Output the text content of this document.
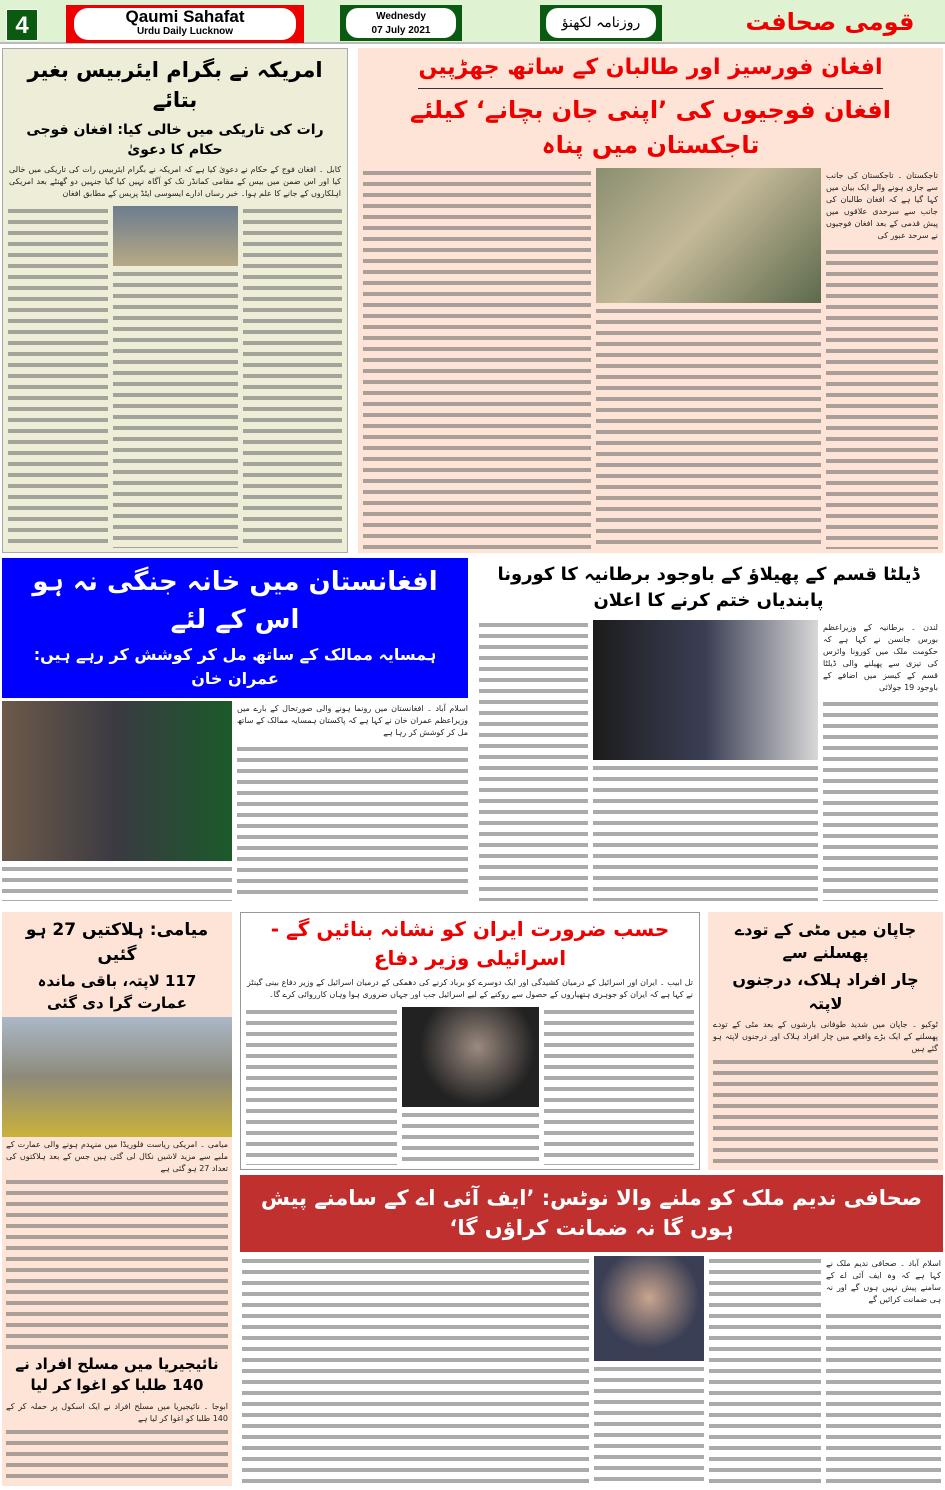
4	Qaumi Sahafat
Urdu Daily Lucknow
Wednesdy
07 July 2021	روزنامہ لکھنؤ	قومی صحافت
امریکہ نے بگرام ایئربیس بغیر بتائے
رات کی تاریکی میں خالی کیا: افغان فوجی حکام کا دعویٰ
کابل ۔ افغان فوج کے حکام نے دعویٰ کیا ہے کہ امریکہ نے بگرام ایئربیس رات کی تاریکی میں خالی کیا اور اس ضمن میں بیس کے مقامی کمانڈر تک کو آگاہ نہیں کیا گیا جنہیں دو گھنٹے بعد امریکی اہلکاروں کے جانے کا علم ہوا۔ خبر رساں ادارے ایسوسی ایٹڈ پریس کے مطابق افغان
افغان فورسیز اور طالبان کے ساتھ جھڑپیں
افغان فوجیوں کی ’اپنی جان بچانے‘ کیلئے تاجکستان میں پناہ
تاجکستان ۔ تاجکستان کی جانب سے جاری ہونے والے ایک بیان میں کہا گیا ہے کہ افغان طالبان کی جانب سے سرحدی علاقوں میں پیش قدمی کے بعد افغان فوجیوں نے سرحد عبور کی
افغانستان میں خانہ جنگی نہ ہو اس کے لئے
ہمسایہ ممالک کے ساتھ مل کر کوشش کر رہے ہیں: عمران خان
اسلام آباد ۔ افغانستان میں رونما ہونے والی صورتحال کے بارے میں وزیراعظم عمران خان نے کہا ہے کہ پاکستان ہمسایہ ممالک کے ساتھ مل کر کوشش کر رہا ہے
ڈیلٹا قسم کے پھیلاؤ کے باوجود برطانیہ کا کورونا پابندیاں ختم کرنے کا اعلان
لندن ۔ برطانیہ کے وزیراعظم بورس جانسن نے کہا ہے کہ حکومت ملک میں کورونا وائرس کی تیزی سے پھیلنے والی ڈیلٹا قسم کے کیسز میں اضافے کے باوجود 19 جولائی
میامی: ہلاکتیں 27 ہو گئیں
117 لاپتہ، باقی ماندہ عمارت گرا دی گئی
میامی ۔ امریکی ریاست فلوریڈا میں منہدم ہونے والی عمارت کے ملبے سے مزید لاشیں نکال لی گئی ہیں جس کے بعد ہلاکتوں کی تعداد 27 ہو گئی ہے
نائیجیریا میں مسلح افراد نے 140 طلبا کو اغوا کر لیا
ابوجا ۔ نائیجیریا میں مسلح افراد نے ایک اسکول پر حملہ کر کے 140 طلبا کو اغوا کر لیا ہے
حسب ضرورت ایران کو نشانہ بنائیں گے - اسرائیلی وزیر دفاع
تل ابیب ۔ ایران اور اسرائیل کے درمیان کشیدگی اور ایک دوسرے کو برباد کرنے کی دھمکی کے درمیان اسرائیل کے وزیر دفاع بینی گینٹز نے کہا ہے کہ ایران کو جوہری ہتھیاروں کے حصول سے روکنے کے لیے اسرائیل جب اور جہاں ضروری ہوا وہاں کارروائی کرے گا۔
جاپان میں مٹی کے تودے پھسلنے سے
چار افراد ہلاک، درجنوں لاپتہ
ٹوکیو ۔ جاپان میں شدید طوفانی بارشوں کے بعد مٹی کے تودے پھسلنے کے ایک بڑے واقعے میں چار افراد ہلاک اور درجنوں لاپتہ ہو گئے ہیں
صحافی ندیم ملک کو ملنے والا نوٹس: ’ایف آئی اے کے سامنے پیش ہوں گا نہ ضمانت کراؤں گا‘
اسلام آباد ۔ صحافی ندیم ملک نے کہا ہے کہ وہ ایف آئی اے کے سامنے پیش نہیں ہوں گے اور نہ ہی ضمانت کرائیں گے
